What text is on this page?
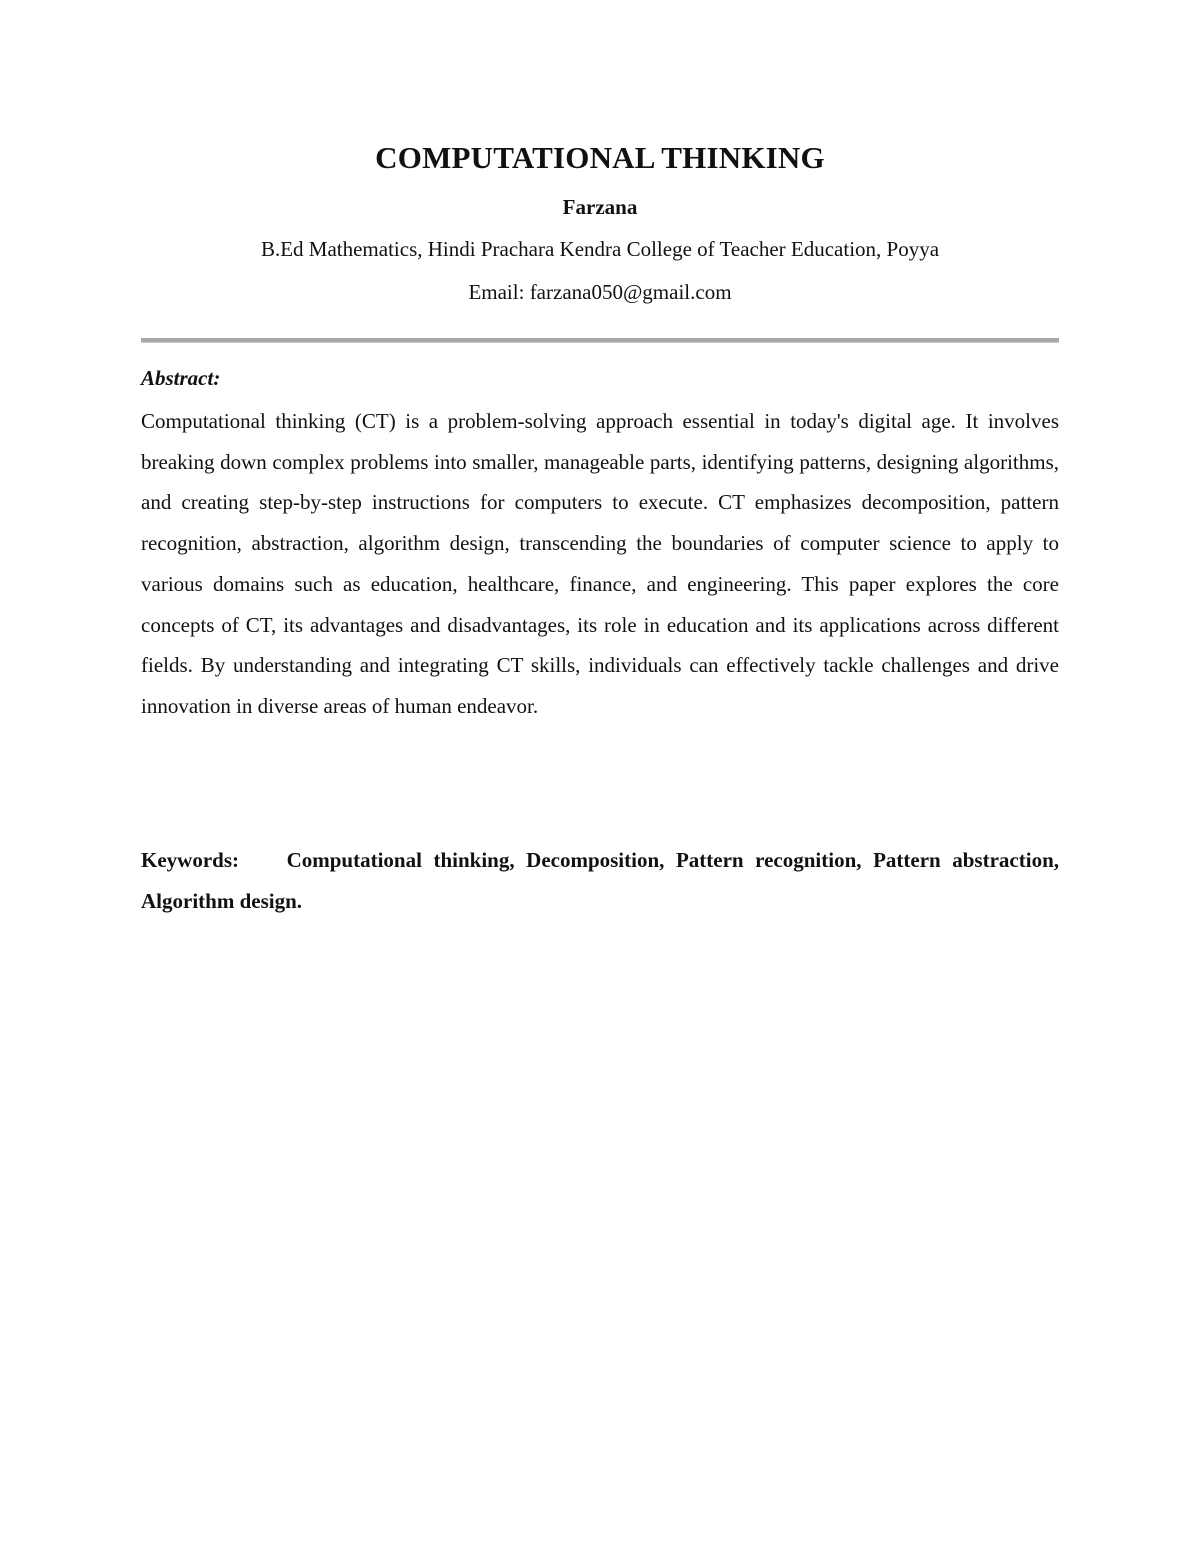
COMPUTATIONAL THINKING

Farzana

B.Ed Mathematics, Hindi Prachara Kendra College of Teacher Education, Poyya

Email: farzana050@gmail.com

Abstract:

Computational thinking (CT) is a problem-solving approach essential in today's digital age. It involves breaking down complex problems into smaller, manageable parts, identifying patterns, designing algorithms, and creating step-by-step instructions for computers to execute. CT emphasizes decomposition, pattern recognition, abstraction, algorithm design, transcending the boundaries of computer science to apply to various domains such as education, healthcare, finance, and engineering. This paper explores the core concepts of CT, its advantages and disadvantages, its role in education and its applications across different fields. By understanding and integrating CT skills, individuals can effectively tackle challenges and drive innovation in diverse areas of human endeavor.

Keywords: Computational thinking, Decomposition, Pattern recognition, Pattern abstraction, Algorithm design.
